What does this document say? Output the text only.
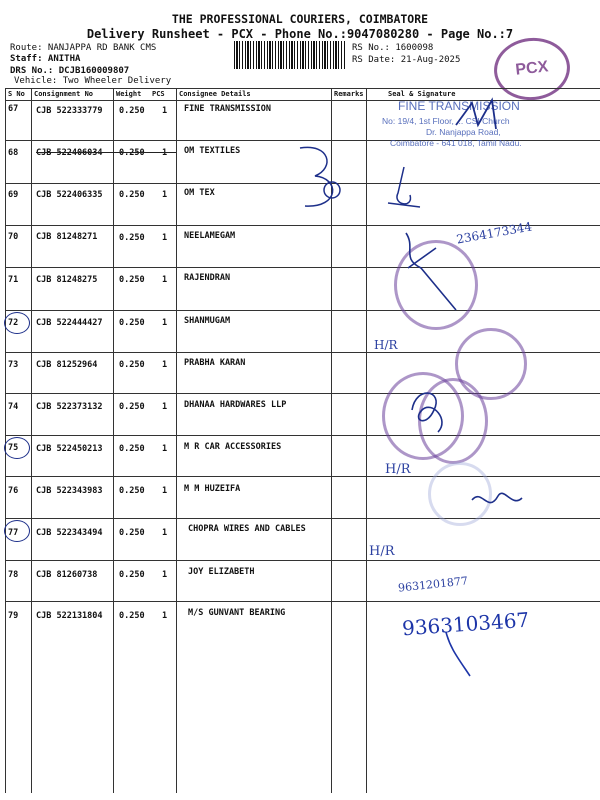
THE PROFESSIONAL COURIERS, COIMBATORE
Delivery Runsheet - PCX - Phone No.:9047080280 - Page No.:7
Route: NANJAPPA RD BANK CMS
Staff: ANITHA
DRS No.: DCJB160009807
Vehicle: Two Wheeler Delivery
RS No.: 1600098
RS Date: 21-Aug-2025	PCX
S No Consignment No	Weight PCS Consignee Details	Remarks	Seal & Signature
67 CJB 522333779 0.250 1 FINE TRANSMISSION
68 CJB 522406034 0.250 1 OM TEXTILES
69 CJB 522406335 0.250 1 OM TEX
70 CJB 81248271	0.250 1 NEELAMEGAM
71 CJB 81248275	0.250 1 RAJENDRAN
72 CJB 522444427 0.250 1 SHANMUGAM
73 CJB 81252964	0.250 1 PRABHA KARAN
74 CJB 522373132 0.250 1 DHANAA HARDWARES LLP
75 CJB 522450213 0.250 1 M R CAR ACCESSORIES
76 CJB 522343983 0.250 1 M M HUZEIFA
77 CJB 522343494 0.250 1 CHOPRA WIRES AND CABLES
78 CJB 81260738	0.250 1 JOY ELIZABETH
79 CJB 522131804 0.250 1 M/S GUNVANT BEARING
FINE TRANSMISSION
No: 19/4, 1st Floor, ... CSI Church
Dr. Nanjappa Road,
Coimbatore - 641 018, Tamil Nadu.
H/R
H/R
H/R
2364173344
9631201877
9363103467
